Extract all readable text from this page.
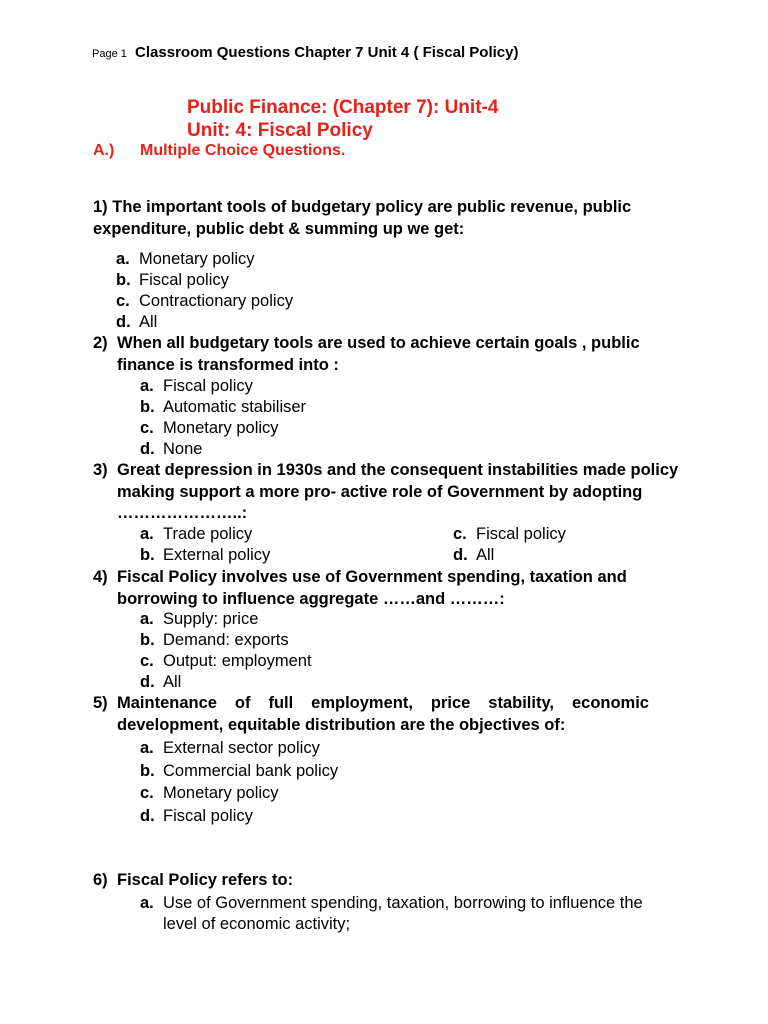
Page 1 Classroom Questions Chapter 7 Unit 4 ( Fiscal Policy)
Public Finance: (Chapter 7): Unit-4
Unit: 4: Fiscal Policy
A.) Multiple Choice Questions.
1) The important tools of budgetary policy are public revenue, public expenditure, public debt & summing up we get:
a. Monetary policy
b. Fiscal policy
c. Contractionary policy
d. All
2) When all budgetary tools are used to achieve certain goals , public finance is transformed into :
a. Fiscal policy
b. Automatic stabiliser
c. Monetary policy
d. None
3) Great depression in 1930s and the consequent instabilities made policy making support a more pro- active role of Government by adopting …………………..:
a. Trade policy
b. External policy
c. Fiscal policy
d. All
4) Fiscal Policy involves use of Government spending, taxation and borrowing to influence aggregate ……and ………:
a. Supply: price
b. Demand: exports
c. Output: employment
d. All
5) Maintenance of full employment, price stability, economic development, equitable distribution are the objectives of:
a. External sector policy
b. Commercial bank policy
c. Monetary policy
d. Fiscal policy
6) Fiscal Policy refers to:
a. Use of Government spending, taxation, borrowing to influence the level of economic activity;
